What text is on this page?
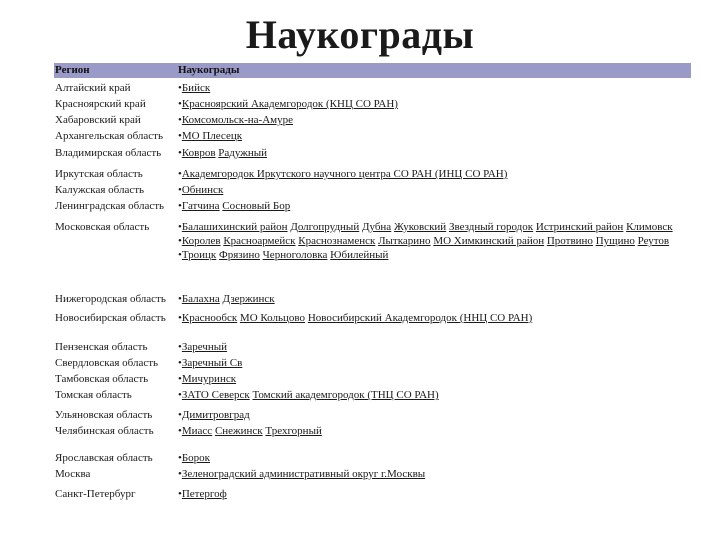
Наукограды
Регион	Наукограды
Алтайский край	•Бийск
Красноярский край	•Красноярский Академгородок (КНЦ СО РАН)
Хабаровский край	•Комсомольск-на-Амуре
Архангельская область	•МО Плесецк
Владимирская область	•Ковров Радужный
Иркутская область	•Академгородок Иркутского научного центра СО РАН (ИНЦ СО РАН)
Калужская область	•Обнинск
Ленинградская область	•Гатчина Сосновый Бор
Московская область	•Балашихинский район Долгопрудный Дубна Жуковский Звездный городок Истринский район Климовск
•Королев Красноармейск Краснознаменск Лыткарино МО Химкинский район Протвино Пущино Реутов
•Троицк Фрязино Черноголовка Юбилейный
Нижегородская область	•Балахна Дзержинск
Новосибирская область	•Краснообск МО Кольцово Новосибирский Академгородок (ННЦ СО РАН)
Пензенская область	•Заречный
Свердловская область	•Заречный Св
Тамбовская область	•Мичуринск
Томская область	•ЗАТО Северск Томский академгородок (ТНЦ СО РАН)
Ульяновская область	•Димитровград
Челябинская область	•Миасс Снежинск Трехгорный
Ярославская область	•Борок
Москва	•Зеленоградский административный округ г.Москвы
Санкт-Петербург	•Петергоф
